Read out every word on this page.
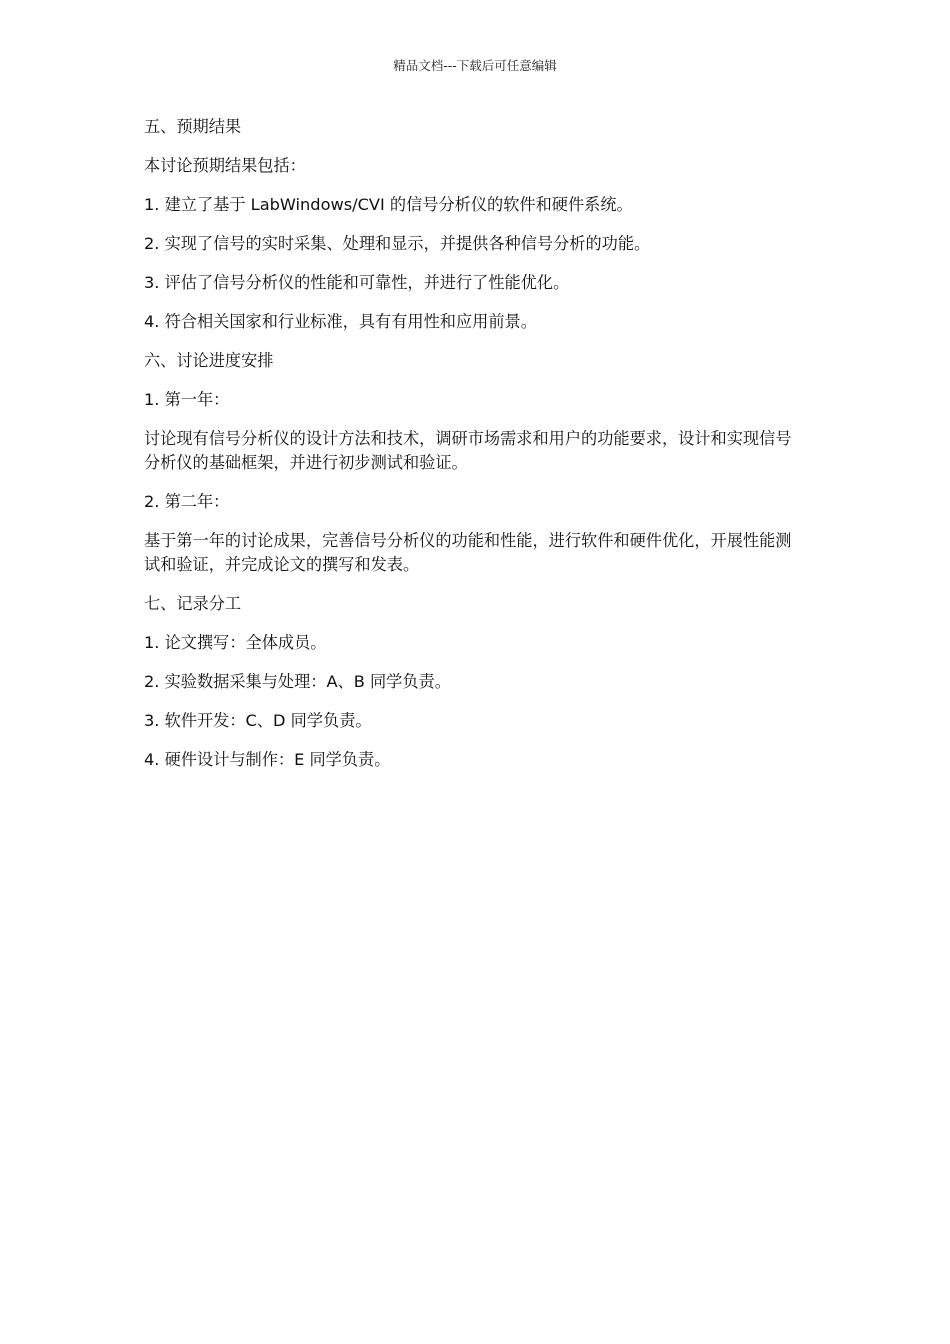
精品文档---下载后可任意编辑

五、预期结果

本讨论预期结果包括：

1. 建立了基于 LabWindows/CVI 的信号分析仪的软件和硬件系统。

2. 实现了信号的实时采集、处理和显示，并提供各种信号分析的功能。

3. 评估了信号分析仪的性能和可靠性，并进行了性能优化。

4. 符合相关国家和行业标准，具有有用性和应用前景。

六、讨论进度安排

1. 第一年：

讨论现有信号分析仪的设计方法和技术，调研市场需求和用户的功能要求，设计和实现信号分析仪的基础框架，并进行初步测试和验证。

2. 第二年：

基于第一年的讨论成果，完善信号分析仪的功能和性能，进行软件和硬件优化，开展性能测试和验证，并完成论文的撰写和发表。

七、记录分工

1. 论文撰写：全体成员。

2. 实验数据采集与处理：A、B 同学负责。

3. 软件开发：C、D 同学负责。

4. 硬件设计与制作：E 同学负责。
